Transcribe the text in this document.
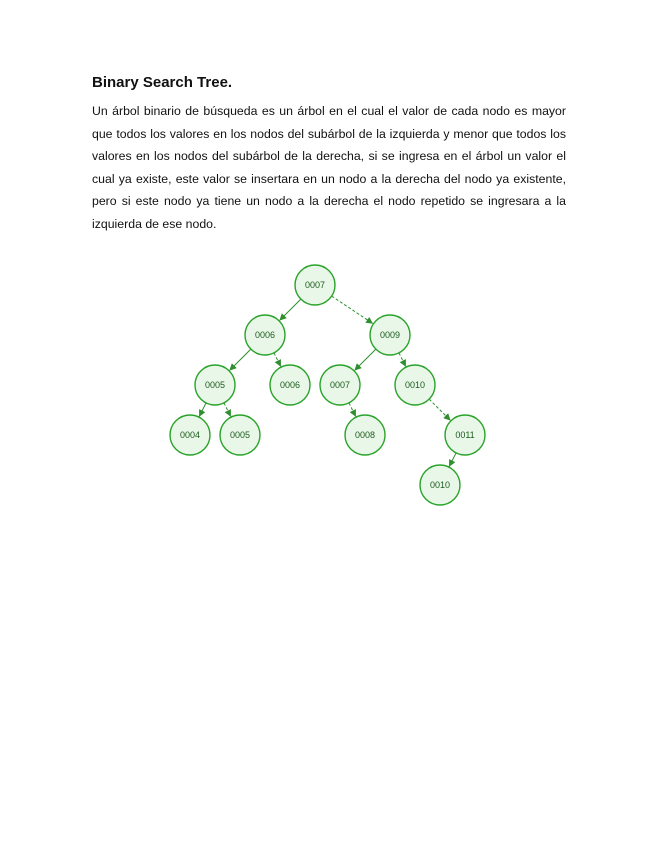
Binary Search Tree.

Un árbol binario de búsqueda es un árbol en el cual el valor de cada nodo es mayor que todos los valores en los nodos del subárbol de la izquierda y menor que todos los valores en los nodos del subárbol de la derecha, si se ingresa en el árbol un valor el cual ya existe, este valor se insertara en un nodo a la derecha del nodo ya existente, pero si este nodo ya tiene un nodo a la derecha el nodo repetido se ingresara a la izquierda de ese nodo.

0007
0006	0009
0005	0006	0007	0010
0004	0005	0008	0011
0010
